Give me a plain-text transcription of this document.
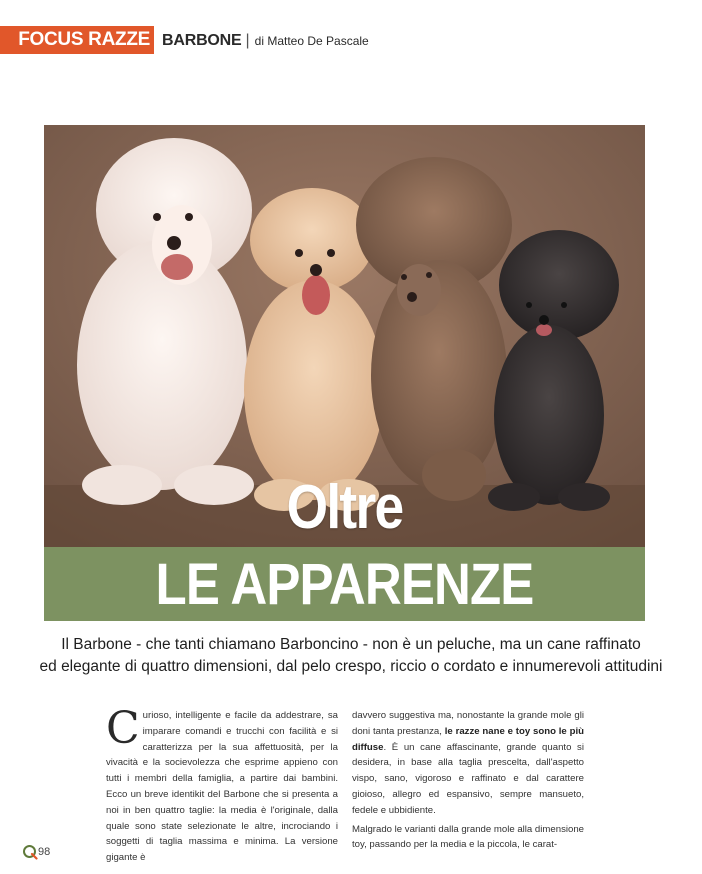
FOCUS RAZZE BARBONE | di Matteo De Pascale
Oltre
LE APPARENZE
Il Barbone - che tanti chiamano Barboncino - non è un peluche, ma un cane raffinato
ed elegante di quattro dimensioni, dal pelo crespo, riccio o cordato e innumerevoli attitudini

Curioso, intelligente e facile da addestrare, sa imparare comandi e trucchi con facilità e si caratterizza per la sua affettuosità, per la vivacità e la socievolezza che esprime appieno con tutti i membri della famiglia, a partire dai bambini. Ecco un breve identikit del Barbone che si presenta a noi in ben quattro taglie: la media è l'originale, dalla quale sono state selezionate le altre, incrociando i soggetti di taglia massima e minima. La versione gigante è

davvero suggestiva ma, nonostante la grande mole gli doni tanta prestanza, le razze nane e toy sono le più diffuse. È un cane affascinante, grande quanto si desidera, in base alla taglia prescelta, dall'aspetto vispo, sano, vigoroso e raffinato e dal carattere gioioso, allegro ed espansivo, sempre mansueto, fedele e ubbidiente.

Malgrado le varianti dalla grande mole alla dimensione toy, passando per la media e la piccola, le carat-

98
